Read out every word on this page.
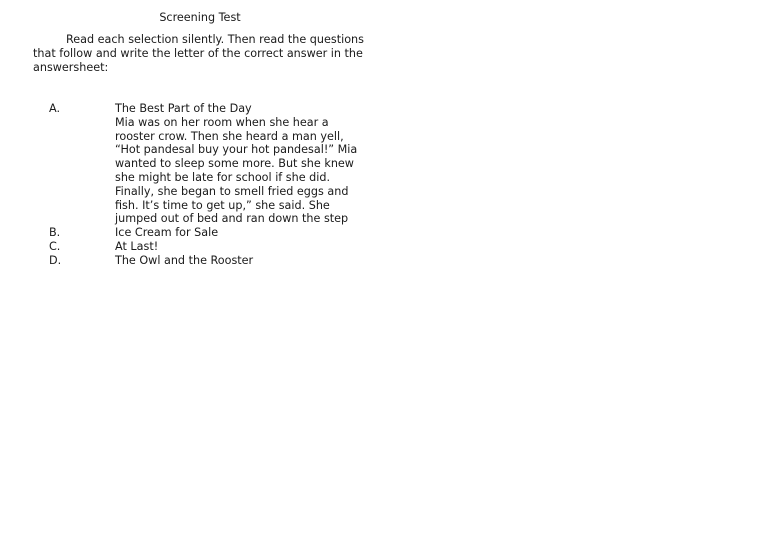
Screening Test

Read each selection silently. Then read the questions that follow and write the letter of the correct answer in the answersheet:

A.	The Best Part of the Day
Mia was on her room when she hear a rooster crow. Then she heard a man yell, “Hot pandesal buy your hot pandesal!” Mia wanted to sleep some more. But she knew she might be late for school if she did. Finally, she began to smell fried eggs and fish. It’s time to get up,” she said. She jumped out of bed and ran down the step
B.	Ice Cream for Sale
C.	At Last!
D.	The Owl and the Rooster
